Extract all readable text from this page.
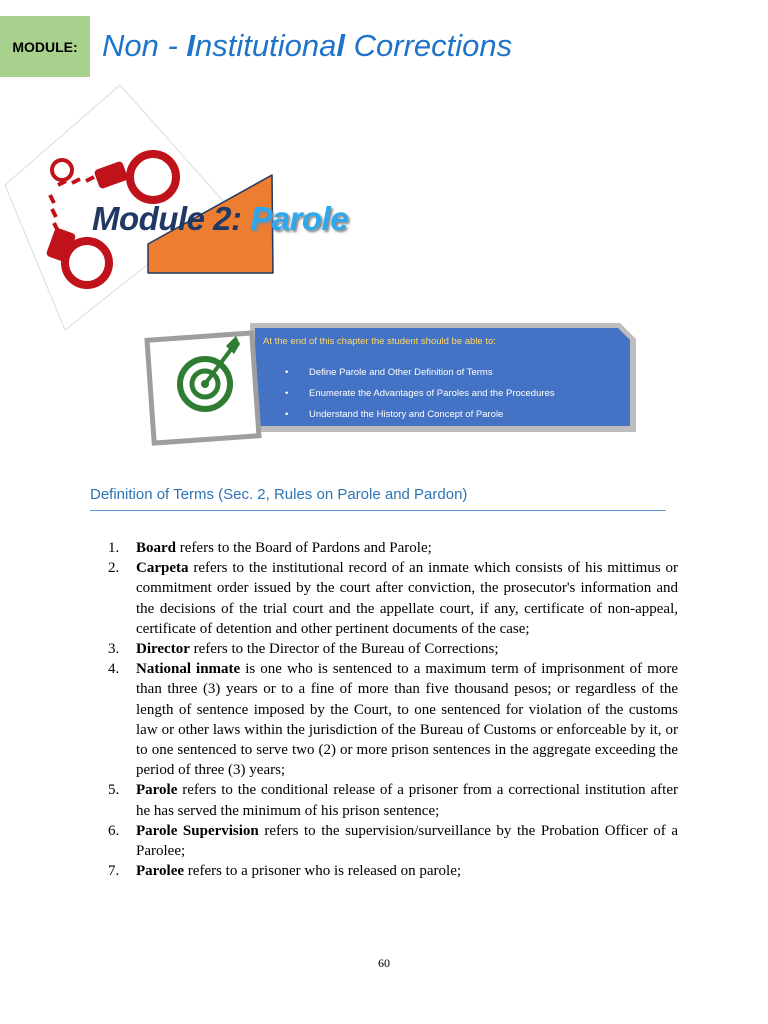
MODULE: Non - Institutional Corrections
Module 2: Parole
At the end of this chapter the student should be able to:
• Define Parole and Other Definition of Terms
• Enumerate the Advantages of Paroles and the Procedures
• Understand the History and Concept of Parole
Definition of Terms (Sec. 2, Rules on Parole and Pardon)
1. Board refers to the Board of Pardons and Parole;
2. Carpeta refers to the institutional record of an inmate which consists of his mittimus or commitment order issued by the court after conviction, the prosecutor's information and the decisions of the trial court and the appellate court, if any, certificate of non-appeal, certificate of detention and other pertinent documents of the case;
3. Director refers to the Director of the Bureau of Corrections;
4. National inmate is one who is sentenced to a maximum term of imprisonment of more than three (3) years or to a fine of more than five thousand pesos; or regardless of the length of sentence imposed by the Court, to one sentenced for violation of the customs law or other laws within the jurisdiction of the Bureau of Customs or enforceable by it, or to one sentenced to serve two (2) or more prison sentences in the aggregate exceeding the period of three (3) years;
5. Parole refers to the conditional release of a prisoner from a correctional institution after he has served the minimum of his prison sentence;
6. Parole Supervision refers to the supervision/surveillance by the Probation Officer of a Parolee;
7. Parolee refers to a prisoner who is released on parole;
60
